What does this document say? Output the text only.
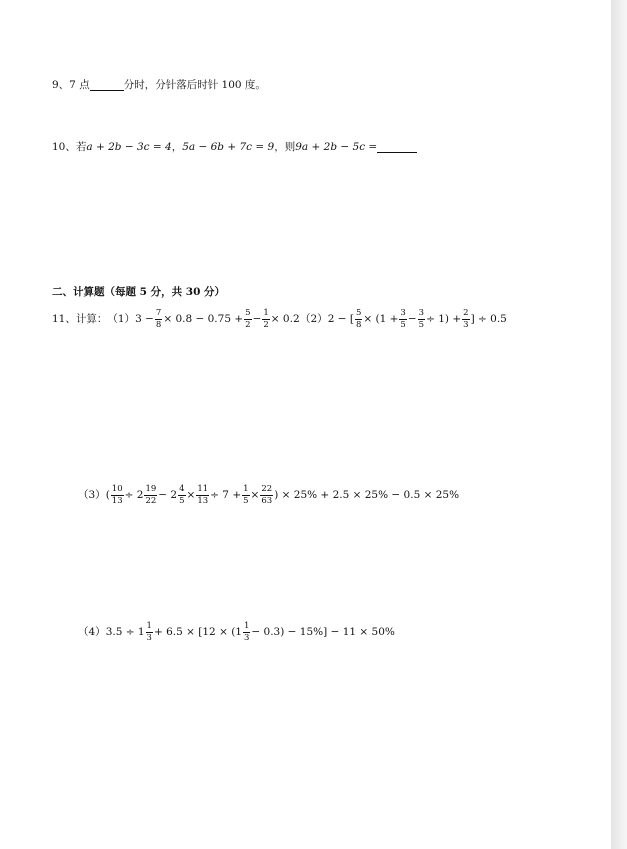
9、7 点	分时，分针落后时针 100 度。
10、若 a + 2b − 3c = 4 ， 5a − 6b + 7c = 9 ，则 9a + 2b − 5c =
二、计算题（每题 5 分，共 30 分）
11、计算： （1） $3 - \frac{7}{8} \times 0.8 - 0.75 + \frac{5}{2} - \frac{1}{2} \times 0.2$ （2） 2 − [ $\frac{5}{8} \times (1 + \frac{3}{5} - \frac{3}{5} \div 1) + \frac{2}{3}$ ] ÷ 0.5
（3） ( $\frac{10}{13} \div 2 \frac{19}{22} - 2 \frac{4}{5} \times \frac{11}{13} \div 7 + \frac{1}{5} \times \frac{22}{63}$ ) × 25% + 2.5 × 25% − 0.5 × 25%
（4） $3.5 \div 1 \frac{1}{3} + 6.5 \times [12 \times (1 \frac{1}{3} - 0.3) - 15\%] - 11 \times 50\%$
